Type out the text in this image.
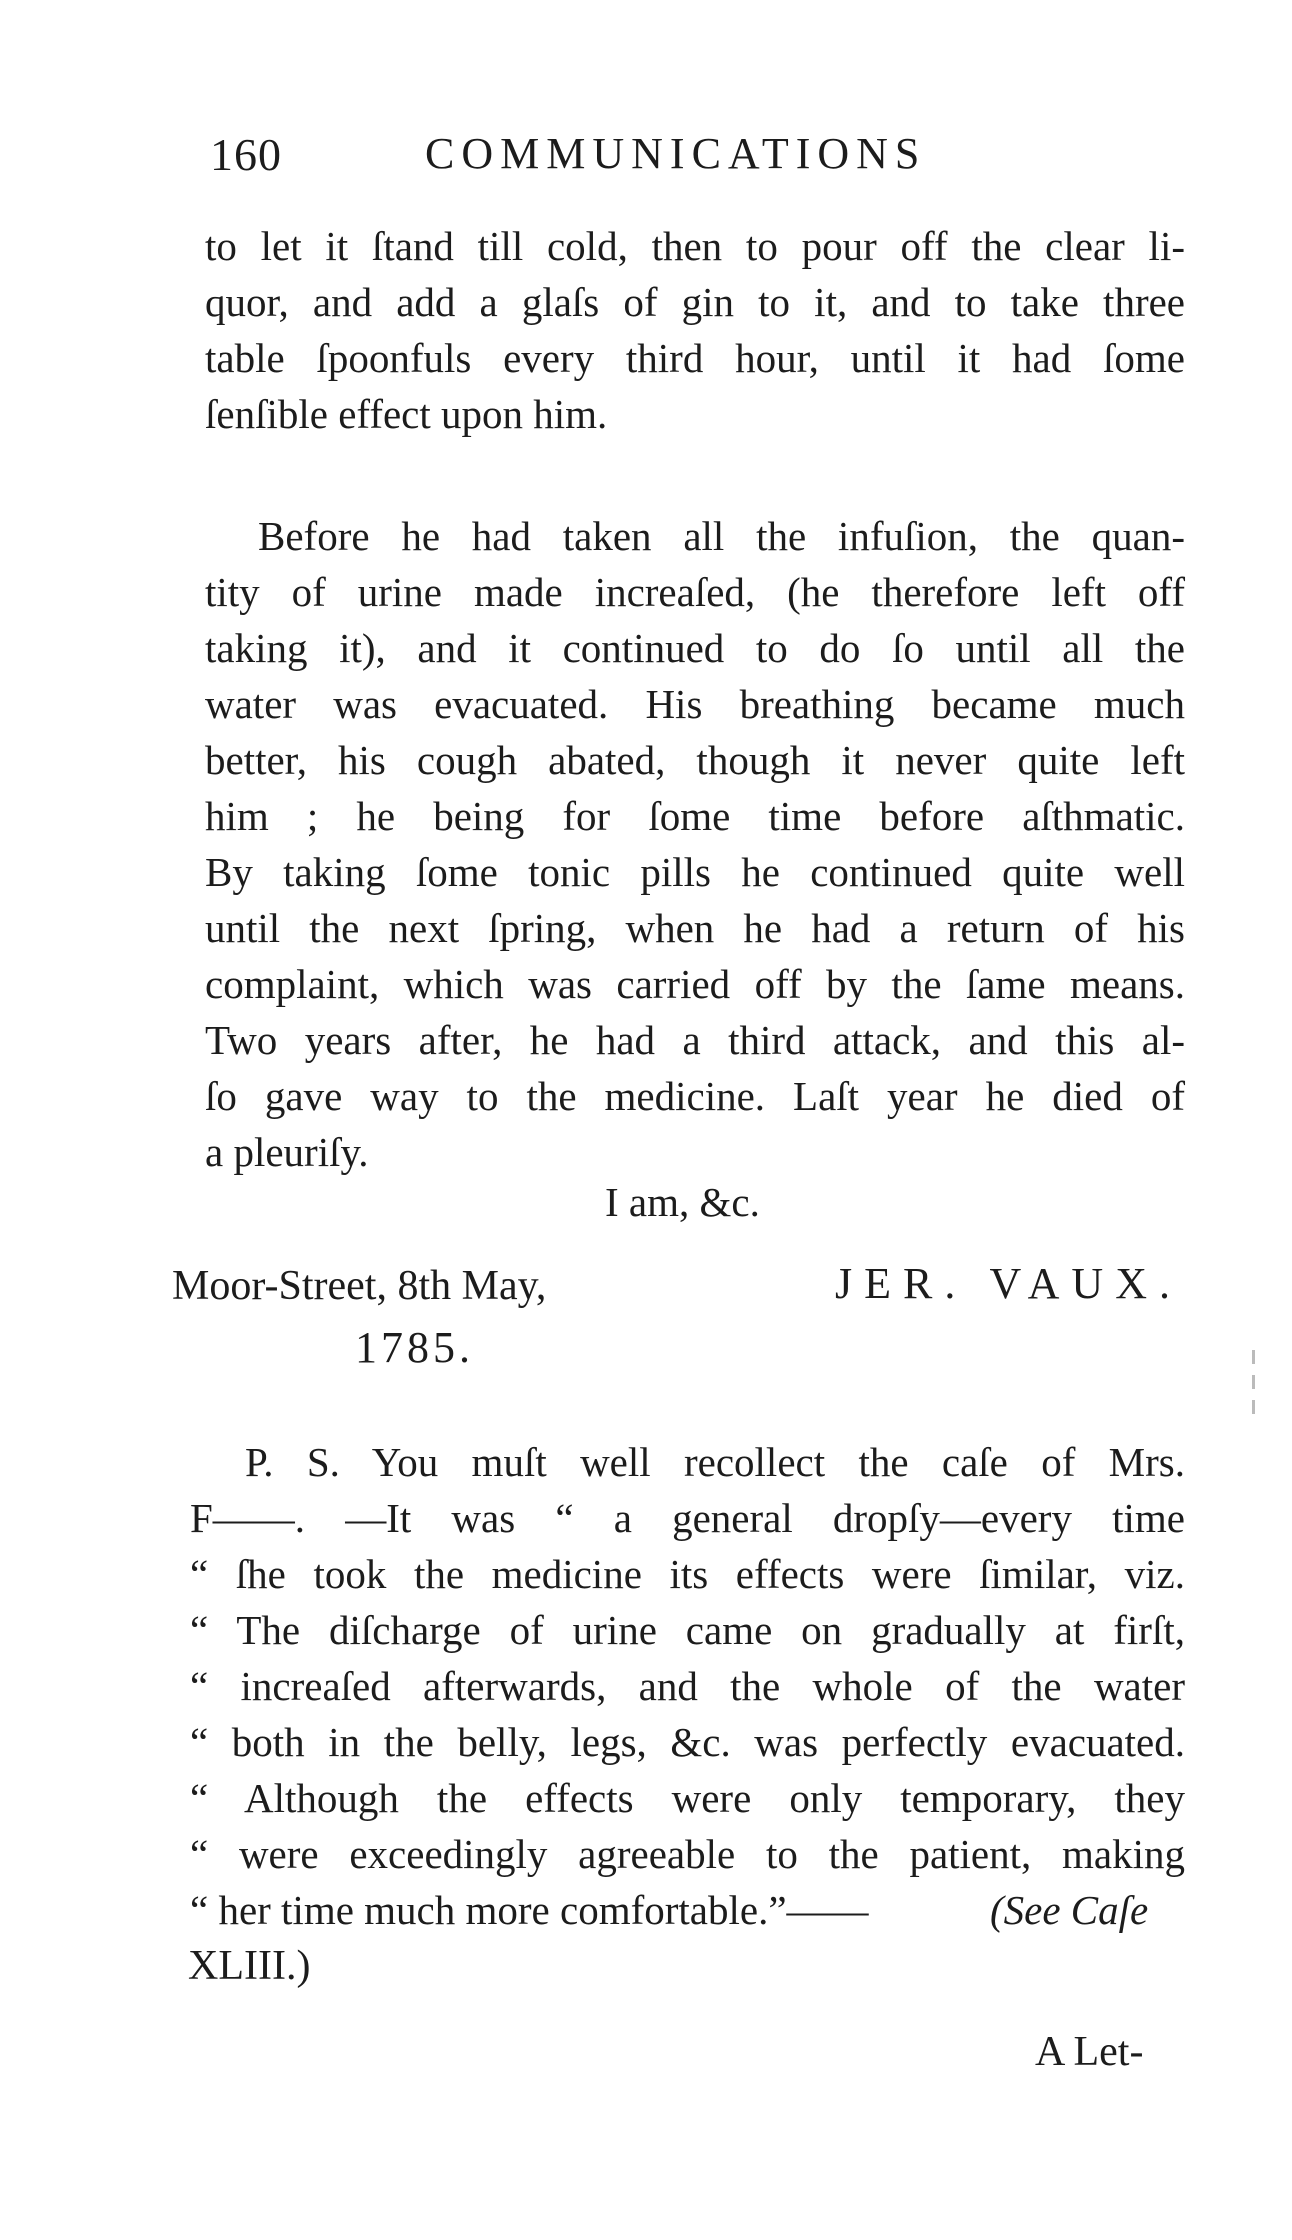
160	COMMUNICATIONS
to let it ſtand till cold, then to pour off the clear li-
quor, and add a glaſs of gin to it, and to take three
table ſpoonfuls every third hour, until it had ſome
ſenſible effect upon him.
Before he had taken all the infuſion, the quan-
tity of urine made increaſed, (he therefore left off
taking it), and it continued to do ſo until all the
water was evacuated. His breathing became much
better, his cough abated, though it never quite left
him ; he being for ſome time before aſthmatic.
By taking ſome tonic pills he continued quite well
until the next ſpring, when he had a return of his
complaint, which was carried off by the ſame means.
Two years after, he had a third attack, and this al-
ſo gave way to the medicine. Laſt year he died of
a pleuriſy.
I am, &c.
Moor-Street, 8th May,	JER. VAUX.
1785.
P. S. You muſt well recollect the caſe of Mrs.
F——. —It was “ a general dropſy—every time
“ ſhe took the medicine its effects were ſimilar, viz.
“ The diſcharge of urine came on gradually at firſt,
“ increaſed afterwards, and the whole of the water
“ both in the belly, legs, &c. was perfectly evacuated.
“ Although the effects were only temporary, they
“ were exceedingly agreeable to the patient, making
“ her time much more comfortable.”——	(See Caſe
XLIII.)
A Let-
